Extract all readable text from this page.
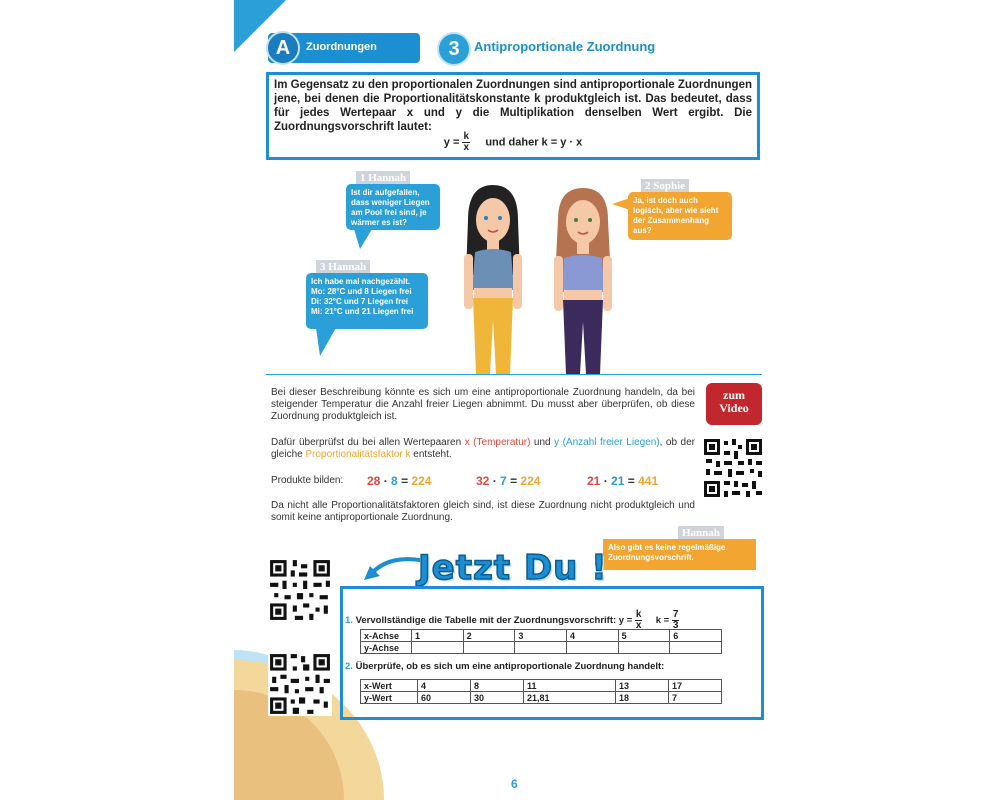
A	Zuordnungen	3	Antiproportionale Zuordnung
Im Gegensatz zu den proportionalen Zuordnungen sind antiproportionale Zuordnungen jene, bei denen die Proportionalitätskonstante k produktgleich ist. Das bedeutet, dass für jedes Wertepaar x und y die Multiplikation denselben Wert ergibt. Die Zuordnungsvorschrift lautet:
$y = \frac{k}{x}$ und daher k = y · x
1 Hannah
Ist dir aufgefallen, dass weniger Liegen am Pool frei sind, je wärmer es ist?
2 Sophie
Ja, ist doch auch logisch, aber wie sieht der Zusammenhang aus?
3 Hannah
Ich habe mal nachgezählt.
Mo: 28°C und 8 Liegen frei
Di: 32°C und 7 Liegen frei
Mi: 21°C und 21 Liegen frei
Bei dieser Beschreibung könnte es sich um eine antiproportionale Zuordnung handeln, da bei steigender Temperatur die Anzahl freier Liegen abnimmt. Du musst aber überprüfen, ob diese Zuordnung produktgleich ist.
Dafür überprüfst du bei allen Wertepaaren x (Temperatur) und y (Anzahl freier Liegen), ob der gleiche Proportionalitätsfaktor k entsteht.
Produkte bilden:	28 · 8 = 224	32 · 7 = 224	21 · 21 = 441
Da nicht alle Proportionalitätsfaktoren gleich sind, ist diese Zuordnung nicht produktgleich und somit keine antiproportionale Zuordnung.
zum
Video
Hannah
Also gibt es keine regelmäßige Zuordnungsvorschrift.
Jetzt Du !
1. Vervollständige die Tabelle mit der Zuordnungsvorschrift: $y = \frac{k}{x}$ $k = \frac{7}{3}$
x-Achse	1	2	3	4	5	6
y-Achse						
2. Überprüfe, ob es sich um eine antiproportionale Zuordnung handelt:
x-Wert	4	8	11	13	17
y-Wert	60	30	21,81	18	7
6
